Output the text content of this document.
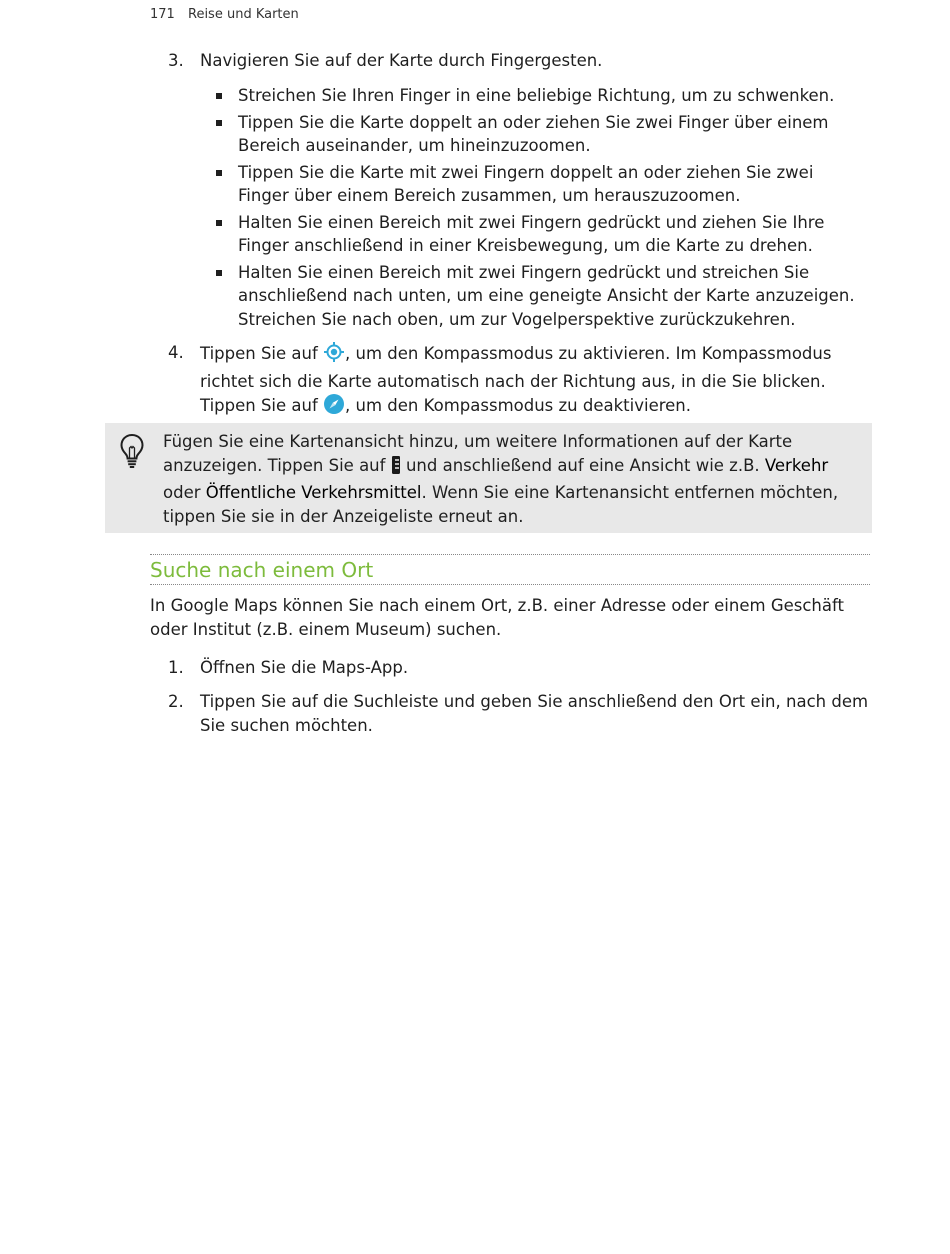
171 Reise und Karten
3. Navigieren Sie auf der Karte durch Fingergesten.
Streichen Sie Ihren Finger in eine beliebige Richtung, um zu schwenken.
Tippen Sie die Karte doppelt an oder ziehen Sie zwei Finger über einem Bereich auseinander, um hineinzuzoomen.
Tippen Sie die Karte mit zwei Fingern doppelt an oder ziehen Sie zwei Finger über einem Bereich zusammen, um herauszuzoomen.
Halten Sie einen Bereich mit zwei Fingern gedrückt und ziehen Sie Ihre Finger anschließend in einer Kreisbewegung, um die Karte zu drehen.
Halten Sie einen Bereich mit zwei Fingern gedrückt und streichen Sie anschließend nach unten, um eine geneigte Ansicht der Karte anzuzeigen. Streichen Sie nach oben, um zur Vogelperspektive zurückzukehren.
4. Tippen Sie auf , um den Kompassmodus zu aktivieren. Im Kompassmodus richtet sich die Karte automatisch nach der Richtung aus, in die Sie blicken. Tippen Sie auf , um den Kompassmodus zu deaktivieren.
Fügen Sie eine Kartenansicht hinzu, um weitere Informationen auf der Karte anzuzeigen. Tippen Sie auf  und anschließend auf eine Ansicht wie z.B. Verkehr oder Öffentliche Verkehrsmittel. Wenn Sie eine Kartenansicht entfernen möchten, tippen Sie sie in der Anzeigeliste erneut an.
Suche nach einem Ort
In Google Maps können Sie nach einem Ort, z.B. einer Adresse oder einem Geschäft oder Institut (z.B. einem Museum) suchen.
1. Öffnen Sie die Maps-App.
2. Tippen Sie auf die Suchleiste und geben Sie anschließend den Ort ein, nach dem Sie suchen möchten.
